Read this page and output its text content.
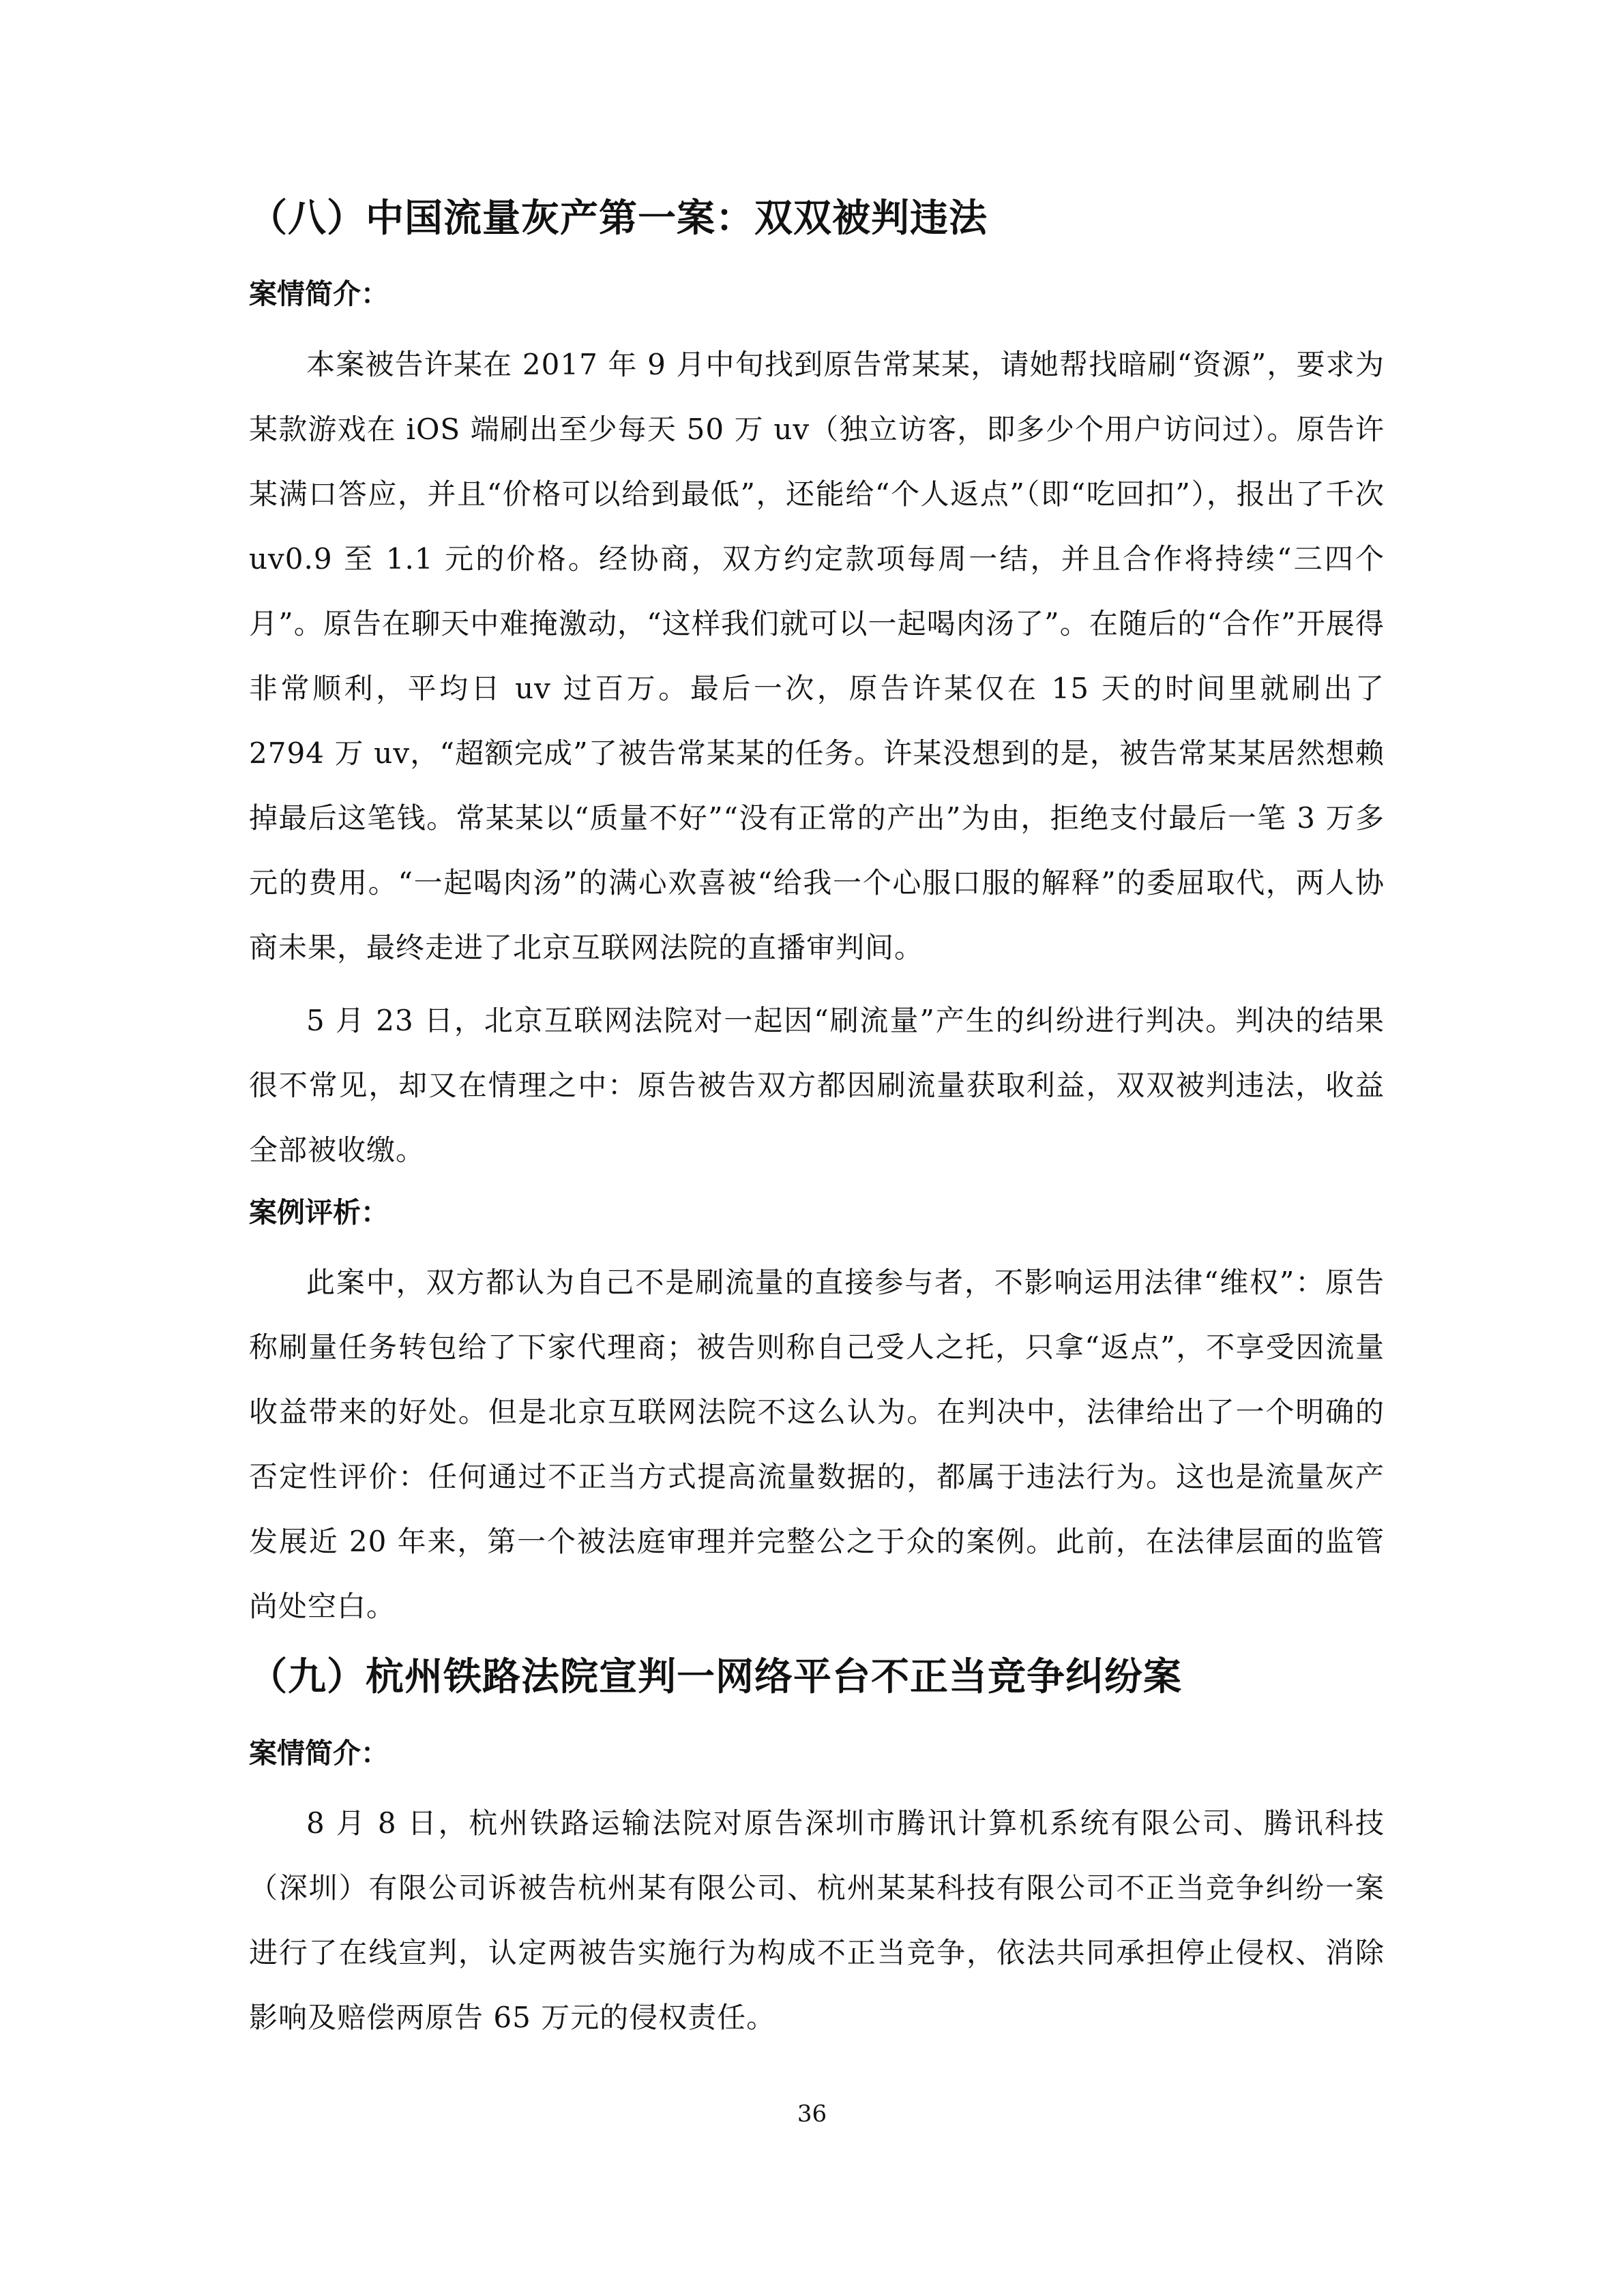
（八）中国流量灰产第一案：双双被判违法
案情简介：

本案被告许某在 2017 年 9 月中旬找到原告常某某，请她帮找暗刷“资源”，要求为某款游戏在 iOS 端刷出至少每天 50 万 uv（独立访客，即多少个用户访问过）。原告许某满口答应，并且“价格可以给到最低”，还能给“个人返点”（即“吃回扣”），报出了千次 uv0.9 至 1.1 元的价格。经协商，双方约定款项每周一结，并且合作将持续“三四个月”。原告在聊天中难掩激动，“这样我们就可以一起喝肉汤了”。在随后的“合作”开展得非常顺利，平均日 uv 过百万。最后一次，原告许某仅在 15 天的时间里就刷出了 2794 万 uv，“超额完成”了被告常某某的任务。许某没想到的是，被告常某某居然想赖掉最后这笔钱。常某某以“质量不好”“没有正常的产出”为由，拒绝支付最后一笔 3 万多元的费用。“一起喝肉汤”的满心欢喜被“给我一个心服口服的解释”的委屈取代，两人协商未果，最终走进了北京互联网法院的直播审判间。

5 月 23 日，北京互联网法院对一起因“刷流量”产生的纠纷进行判决。判决的结果很不常见，却又在情理之中：原告被告双方都因刷流量获取利益，双双被判违法，收益全部被收缴。

案例评析：

此案中，双方都认为自己不是刷流量的直接参与者，不影响运用法律“维权”：原告称刷量任务转包给了下家代理商；被告则称自己受人之托，只拿“返点”，不享受因流量收益带来的好处。但是北京互联网法院不这么认为。在判决中，法律给出了一个明确的否定性评价：任何通过不正当方式提高流量数据的，都属于违法行为。这也是流量灰产发展近 20 年来，第一个被法庭审理并完整公之于众的案例。此前，在法律层面的监管尚处空白。

（九）杭州铁路法院宣判一网络平台不正当竞争纠纷案
案情简介：

8 月 8 日，杭州铁路运输法院对原告深圳市腾讯计算机系统有限公司、腾讯科技（深圳）有限公司诉被告杭州某有限公司、杭州某某科技有限公司不正当竞争纠纷一案进行了在线宣判，认定两被告实施行为构成不正当竞争，依法共同承担停止侵权、消除影响及赔偿两原告 65 万元的侵权责任。

36
